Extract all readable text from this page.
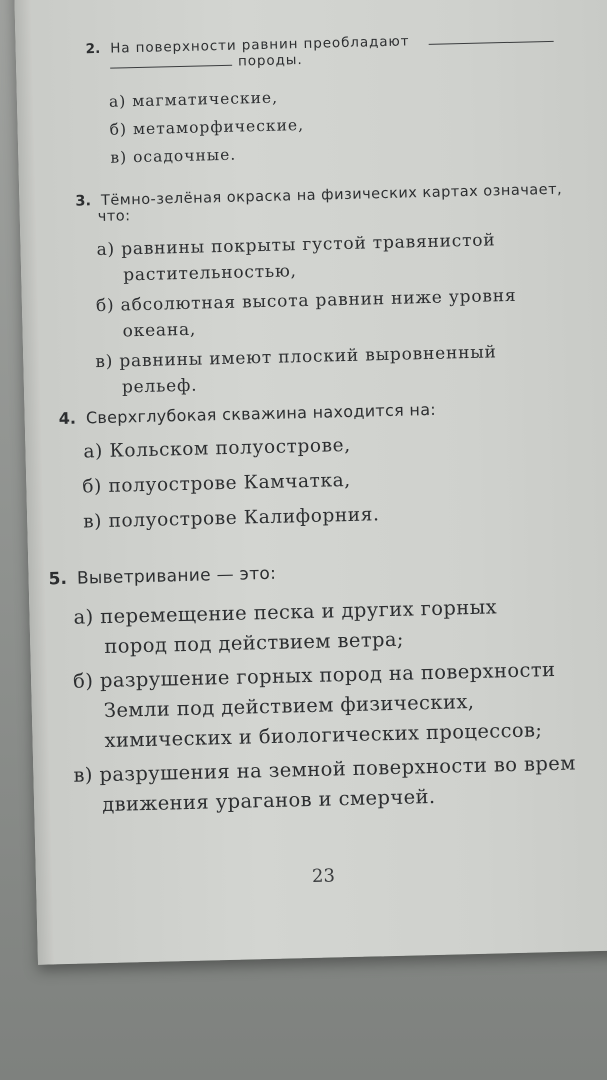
2. На поверхности равнин преобладают
породы.
а) магматические,
б) метаморфические,
в) осадочные.
3. Тёмно-зелёная окраска на физических картах означает,
что:
а) равнины покрыты густой травянистой
растительностью,
б) абсолютная высота равнин ниже уровня
океана,
в) равнины имеют плоский выровненный
рельеф.
4. Сверхглубокая скважина находится на:
а) Кольском полуострове,
б) полуострове Камчатка,
в) полуострове Калифорния.
5. Выветривание — это:
а) перемещение песка и других горных
пород под действием ветра;
б) разрушение горных пород на поверхности
Земли под действием физических,
химических и биологических процессов;
в) разрушения на земной поверхности во врем
движения ураганов и смерчей.
23
